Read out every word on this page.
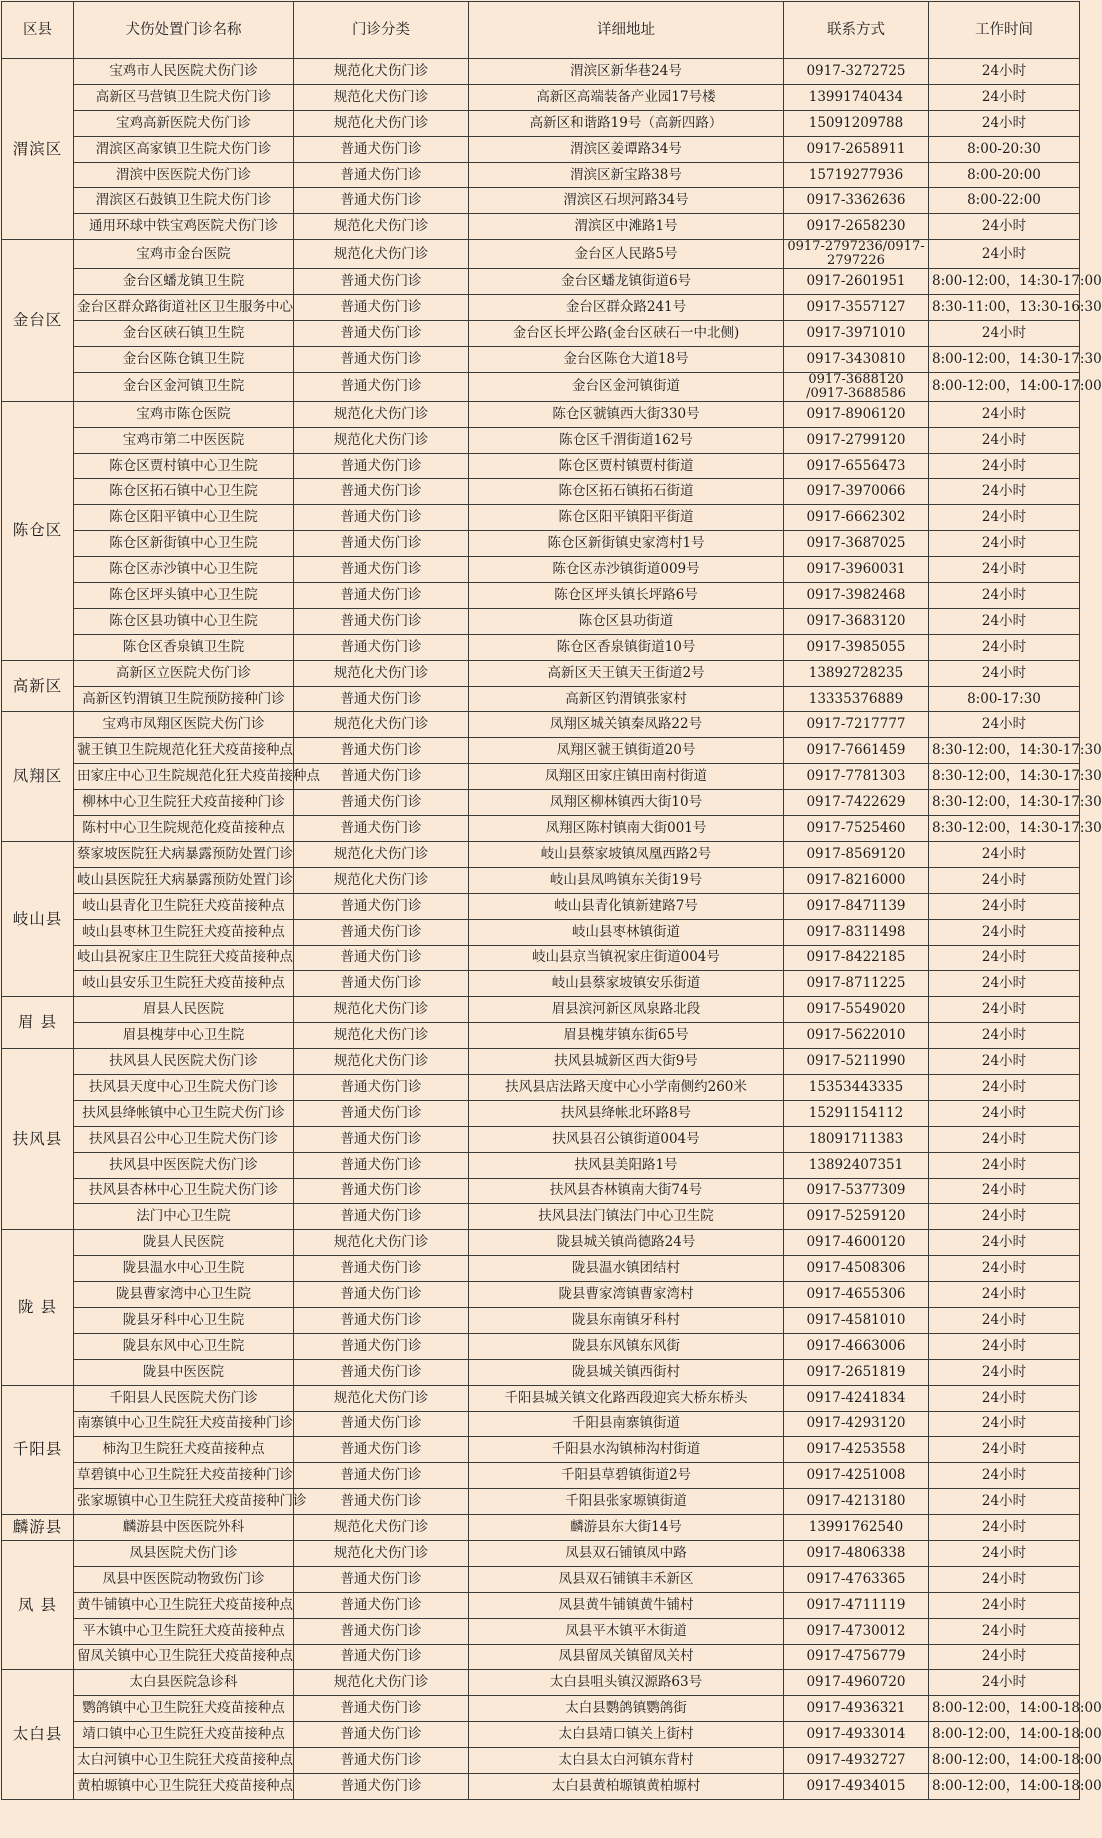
区县	犬伤处置门诊名称	门诊分类	详细地址	联系方式	工作时间
渭滨区	宝鸡市人民医院犬伤门诊	规范化犬伤门诊	渭滨区新华巷24号	0917-3272725	24小时
	高新区马营镇卫生院犬伤门诊	规范化犬伤门诊	高新区高端装备产业园17号楼	13991740434	24小时
	宝鸡高新医院犬伤门诊	规范化犬伤门诊	高新区和谐路19号（高新四路）	15091209788	24小时
	渭滨区高家镇卫生院犬伤门诊	普通犬伤门诊	渭滨区姜谭路34号	0917-2658911	8:00-20:30
	渭滨中医医院犬伤门诊	普通犬伤门诊	渭滨区新宝路38号	15719277936	8:00-20:00
	渭滨区石鼓镇卫生院犬伤门诊	普通犬伤门诊	渭滨区石坝河路34号	0917-3362636	8:00-22:00
	通用环球中铁宝鸡医院犬伤门诊	规范化犬伤门诊	渭滨区中滩路1号	0917-2658230	24小时
金台区	宝鸡市金台医院	规范化犬伤门诊	金台区人民路5号	0917-2797236/0917-2797226	24小时
	金台区蟠龙镇卫生院	普通犬伤门诊	金台区蟠龙镇街道6号	0917-2601951	8:00-12:00，14:30-17:00
	金台区群众路街道社区卫生服务中心	普通犬伤门诊	金台区群众路241号	0917-3557127	8:30-11:00，13:30-16:30
	金台区硖石镇卫生院	普通犬伤门诊	金台区长坪公路(金台区硖石一中北侧)	0917-3971010	24小时
	金台区陈仓镇卫生院	普通犬伤门诊	金台区陈仓大道18号	0917-3430810	8:00-12:00，14:30-17:30
	金台区金河镇卫生院	普通犬伤门诊	金台区金河镇街道	0917-3688120 /0917-3688586	8:00-12:00，14:00-17:00
陈仓区	宝鸡市陈仓医院	规范化犬伤门诊	陈仓区虢镇西大街330号	0917-8906120	24小时
	宝鸡市第二中医医院	规范化犬伤门诊	陈仓区千渭街道162号	0917-2799120	24小时
	陈仓区贾村镇中心卫生院	普通犬伤门诊	陈仓区贾村镇贾村街道	0917-6556473	24小时
	陈仓区拓石镇中心卫生院	普通犬伤门诊	陈仓区拓石镇拓石街道	0917-3970066	24小时
	陈仓区阳平镇中心卫生院	普通犬伤门诊	陈仓区阳平镇阳平街道	0917-6662302	24小时
	陈仓区新街镇中心卫生院	普通犬伤门诊	陈仓区新街镇史家湾村1号	0917-3687025	24小时
	陈仓区赤沙镇中心卫生院	普通犬伤门诊	陈仓区赤沙镇街道009号	0917-3960031	24小时
	陈仓区坪头镇中心卫生院	普通犬伤门诊	陈仓区坪头镇长坪路6号	0917-3982468	24小时
	陈仓区县功镇中心卫生院	普通犬伤门诊	陈仓区县功街道	0917-3683120	24小时
	陈仓区香泉镇卫生院	普通犬伤门诊	陈仓区香泉镇街道10号	0917-3985055	24小时
高新区	高新区立医院犬伤门诊	规范化犬伤门诊	高新区天王镇天王街道2号	13892728235	24小时
	高新区钓渭镇卫生院预防接种门诊	普通犬伤门诊	高新区钓渭镇张家村	13335376889	8:00-17:30
凤翔区	宝鸡市凤翔区医院犬伤门诊	规范化犬伤门诊	凤翔区城关镇秦凤路22号	0917-7217777	24小时
	虢王镇卫生院规范化狂犬疫苗接种点	普通犬伤门诊	凤翔区虢王镇街道20号	0917-7661459	8:30-12:00，14:30-17:30
	田家庄中心卫生院规范化狂犬疫苗接种点	普通犬伤门诊	凤翔区田家庄镇田南村街道	0917-7781303	8:30-12:00，14:30-17:30
	柳林中心卫生院狂犬疫苗接种门诊	普通犬伤门诊	凤翔区柳林镇西大街10号	0917-7422629	8:30-12:00，14:30-17:30
	陈村中心卫生院规范化疫苗接种点	普通犬伤门诊	凤翔区陈村镇南大街001号	0917-7525460	8:30-12:00，14:30-17:30
岐山县	蔡家坡医院狂犬病暴露预防处置门诊	规范化犬伤门诊	岐山县蔡家坡镇凤凰西路2号	0917-8569120	24小时
	岐山县医院狂犬病暴露预防处置门诊	规范化犬伤门诊	岐山县凤鸣镇东关街19号	0917-8216000	24小时
	岐山县青化卫生院狂犬疫苗接种点	普通犬伤门诊	岐山县青化镇新建路7号	0917-8471139	24小时
	岐山县枣林卫生院狂犬疫苗接种点	普通犬伤门诊	岐山县枣林镇街道	0917-8311498	24小时
	岐山县祝家庄卫生院狂犬疫苗接种点	普通犬伤门诊	岐山县京当镇祝家庄街道004号	0917-8422185	24小时
	岐山县安乐卫生院狂犬疫苗接种点	普通犬伤门诊	岐山县蔡家坡镇安乐街道	0917-8711225	24小时
眉 县	眉县人民医院	规范化犬伤门诊	眉县滨河新区凤泉路北段	0917-5549020	24小时
	眉县槐芽中心卫生院	规范化犬伤门诊	眉县槐芽镇东街65号	0917-5622010	24小时
扶风县	扶风县人民医院犬伤门诊	规范化犬伤门诊	扶风县城新区西大街9号	0917-5211990	24小时
	扶风县天度中心卫生院犬伤门诊	普通犬伤门诊	扶风县店法路天度中心小学南侧约260米	15353443335	24小时
	扶风县绛帐镇中心卫生院犬伤门诊	普通犬伤门诊	扶风县绛帐北环路8号	15291154112	24小时
	扶风县召公中心卫生院犬伤门诊	普通犬伤门诊	扶风县召公镇街道004号	18091711383	24小时
	扶风县中医医院犬伤门诊	普通犬伤门诊	扶风县美阳路1号	13892407351	24小时
	扶风县杏林中心卫生院犬伤门诊	普通犬伤门诊	扶风县杏林镇南大街74号	0917-5377309	24小时
	法门中心卫生院	普通犬伤门诊	扶风县法门镇法门中心卫生院	0917-5259120	24小时
陇 县	陇县人民医院	规范化犬伤门诊	陇县城关镇尚德路24号	0917-4600120	24小时
	陇县温水中心卫生院	普通犬伤门诊	陇县温水镇团结村	0917-4508306	24小时
	陇县曹家湾中心卫生院	普通犬伤门诊	陇县曹家湾镇曹家湾村	0917-4655306	24小时
	陇县牙科中心卫生院	普通犬伤门诊	陇县东南镇牙科村	0917-4581010	24小时
	陇县东风中心卫生院	普通犬伤门诊	陇县东风镇东风街	0917-4663006	24小时
	陇县中医医院	普通犬伤门诊	陇县城关镇西街村	0917-2651819	24小时
千阳县	千阳县人民医院犬伤门诊	规范化犬伤门诊	千阳县城关镇文化路西段迎宾大桥东桥头	0917-4241834	24小时
	南寨镇中心卫生院狂犬疫苗接种门诊	普通犬伤门诊	千阳县南寨镇街道	0917-4293120	24小时
	柿沟卫生院狂犬疫苗接种点	普通犬伤门诊	千阳县水沟镇柿沟村街道	0917-4253558	24小时
	草碧镇中心卫生院狂犬疫苗接种门诊	普通犬伤门诊	千阳县草碧镇街道2号	0917-4251008	24小时
	张家塬镇中心卫生院狂犬疫苗接种门诊	普通犬伤门诊	千阳县张家塬镇街道	0917-4213180	24小时
麟游县	麟游县中医医院外科	规范化犬伤门诊	麟游县东大街14号	13991762540	24小时
凤 县	凤县医院犬伤门诊	规范化犬伤门诊	凤县双石铺镇凤中路	0917-4806338	24小时
	凤县中医医院动物致伤门诊	普通犬伤门诊	凤县双石铺镇丰禾新区	0917-4763365	24小时
	黄牛铺镇中心卫生院狂犬疫苗接种点	普通犬伤门诊	凤县黄牛铺镇黄牛铺村	0917-4711119	24小时
	平木镇中心卫生院狂犬疫苗接种点	普通犬伤门诊	凤县平木镇平木街道	0917-4730012	24小时
	留凤关镇中心卫生院狂犬疫苗接种点	普通犬伤门诊	凤县留凤关镇留凤关村	0917-4756779	24小时
太白县	太白县医院急诊科	规范化犬伤门诊	太白县咀头镇汉源路63号	0917-4960720	24小时
	鹦鸽镇中心卫生院狂犬疫苗接种点	普通犬伤门诊	太白县鹦鸽镇鹦鸽街	0917-4936321	8:00-12:00，14:00-18:00
	靖口镇中心卫生院狂犬疫苗接种点	普通犬伤门诊	太白县靖口镇关上街村	0917-4933014	8:00-12:00，14:00-18:00
	太白河镇中心卫生院狂犬疫苗接种点	普通犬伤门诊	太白县太白河镇东背村	0917-4932727	8:00-12:00，14:00-18:00
	黄柏塬镇中心卫生院狂犬疫苗接种点	普通犬伤门诊	太白县黄柏塬镇黄柏塬村	0917-4934015	8:00-12:00，14:00-18:00
